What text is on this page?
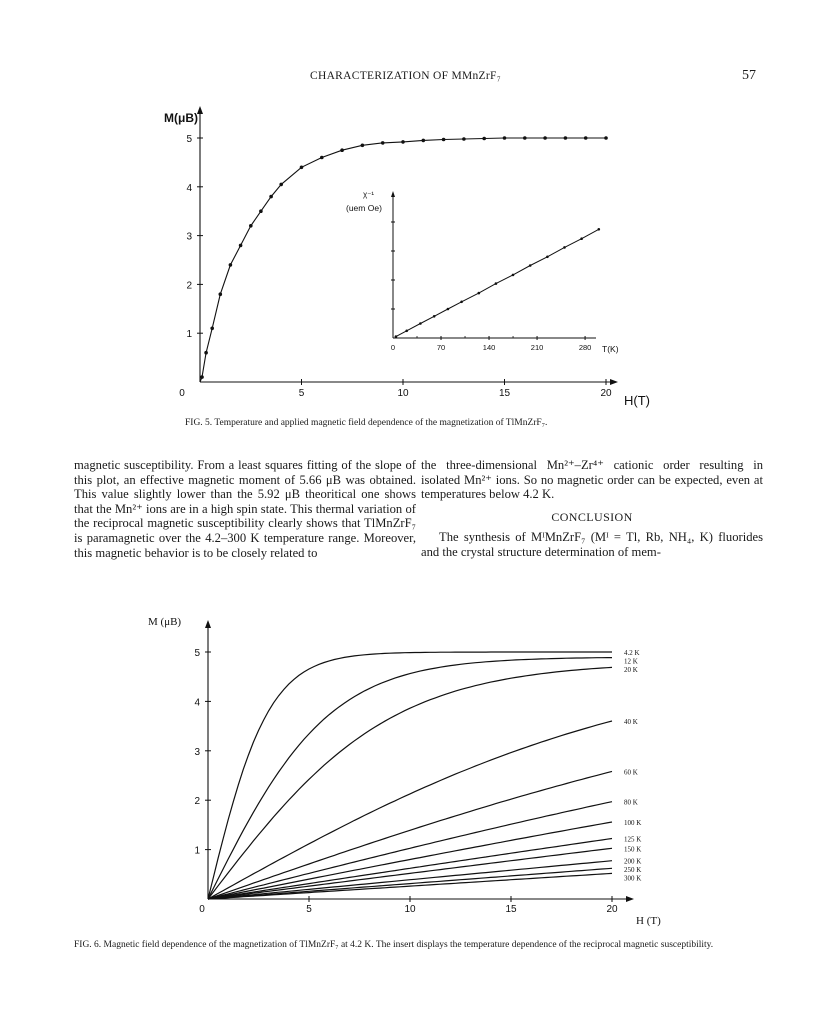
CHARACTERIZATION OF MMnZrF₇	57
M(μB)
H(T)
0	5	10	15	20
1
2
3
4
5
χ⁻¹
(uem Oe)
T(K)
0	70	140	210	280
FIG. 5. Temperature and applied magnetic field dependence of the magnetization of TlMnZrF₇.

magnetic susceptibility. From a least squares fitting of the slope of this plot, an effective magnetic moment of 5.66 μB was obtained. This value slightly lower than the 5.92 μB theoritical one shows that the Mn²⁺ ions are in a high spin state. This thermal variation of the reciprocal magnetic susceptibility clearly shows that TlMnZrF₇ is paramagnetic over the 4.2–300 K temperature range. Moreover, this magnetic behavior is to be closely related to

the three-dimensional Mn²⁺–Zr⁴⁺ cationic order resulting in isolated Mn²⁺ ions. So no magnetic order can be expected, even at temperatures below 4.2 K.

CONCLUSION

The synthesis of MᴵMnZrF₇ (Mᴵ = Tl, Rb, NH₄, K) fluorides and the crystal structure determination of mem-

M (μB)
H (T)
0	5	10	15	20
1
2
3
4
5	4.2 K
12 K
20 K
40 K
60 K
80 K
100 K
125 K
150 K
200 K
250 K
300 K
FIG. 6. Magnetic field dependence of the magnetization of TlMnZrF₇ at 4.2 K. The insert displays the temperature dependence of the reciprocal magnetic susceptibility.
